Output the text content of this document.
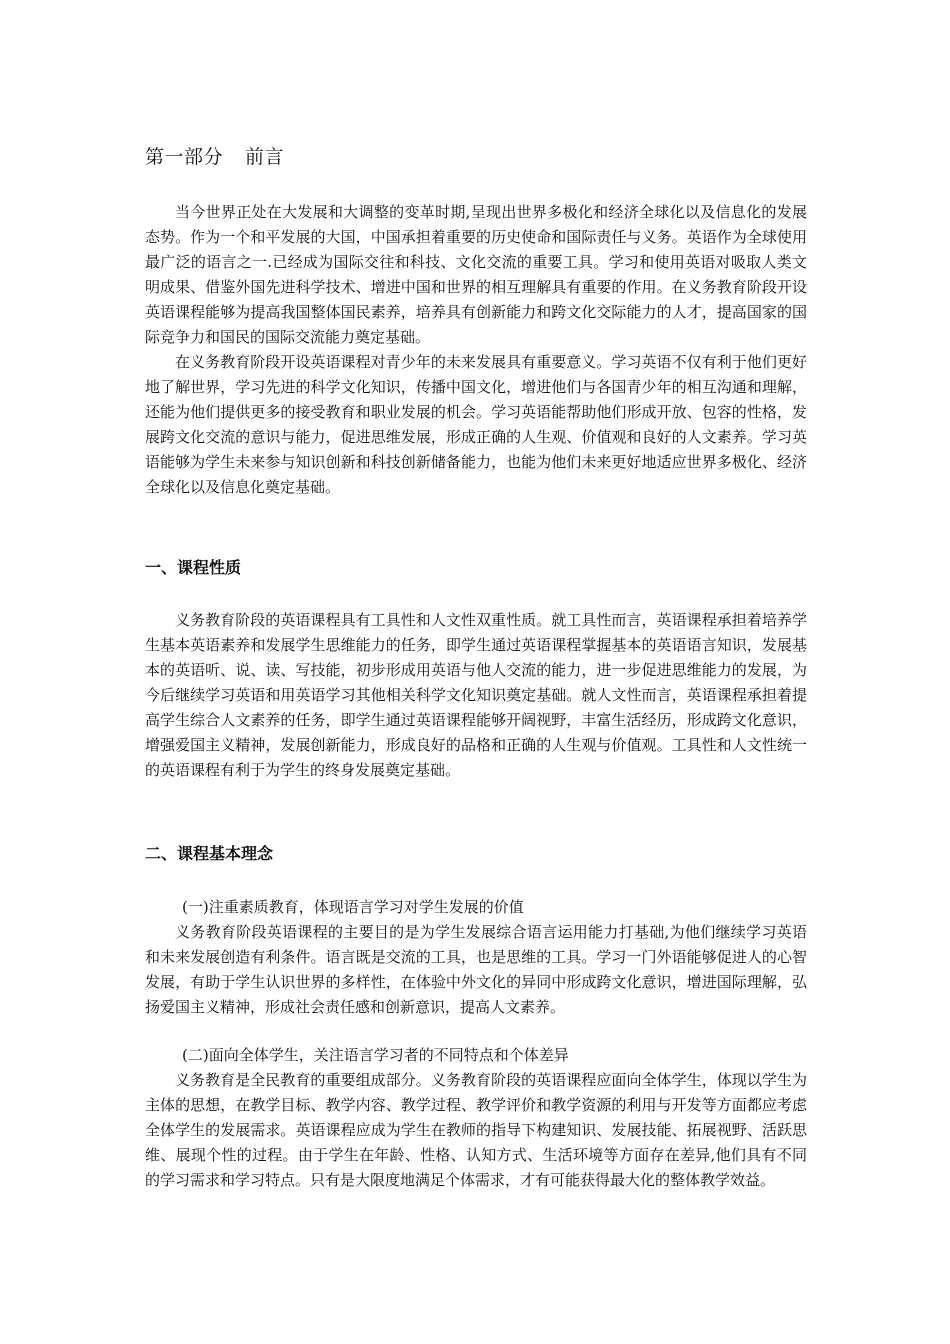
第一部分 前言

当今世界正处在大发展和大调整的变革时期,呈现出世界多极化和经济全球化以及信息化的发展态势。作为一个和平发展的大国，中国承担着重要的历史使命和国际责任与义务。英语作为全球使用最广泛的语言之一.已经成为国际交往和科技、文化交流的重要工具。学习和使用英语对吸取人类文明成果、借鉴外国先进科学技术、增进中国和世界的相互理解具有重要的作用。在义务教育阶段开设英语课程能够为提高我国整体国民素养，培养具有创新能力和跨文化交际能力的人才，提高国家的国际竞争力和国民的国际交流能力奠定基础。

在义务教育阶段开设英语课程对青少年的未来发展具有重要意义。学习英语不仅有利于他们更好地了解世界，学习先进的科学文化知识，传播中国文化，增进他们与各国青少年的相互沟通和理解，还能为他们提供更多的接受教育和职业发展的机会。学习英语能帮助他们形成开放、包容的性格，发展跨文化交流的意识与能力，促进思维发展，形成正确的人生观、价值观和良好的人文素养。学习英语能够为学生未来参与知识创新和科技创新储备能力，也能为他们未来更好地适应世界多极化、经济全球化以及信息化奠定基础。

一、课程性质

义务教育阶段的英语课程具有工具性和人文性双重性质。就工具性而言，英语课程承担着培养学生基本英语素养和发展学生思维能力的任务，即学生通过英语课程掌握基本的英语语言知识，发展基本的英语听、说、读、写技能，初步形成用英语与他人交流的能力，进一步促进思维能力的发展，为今后继续学习英语和用英语学习其他相关科学文化知识奠定基础。就人文性而言，英语课程承担着提高学生综合人文素养的任务，即学生通过英语课程能够开阔视野，丰富生活经历，形成跨文化意识，增强爱国主义精神，发展创新能力，形成良好的品格和正确的人生观与价值观。工具性和人文性统一的英语课程有利于为学生的终身发展奠定基础。

二、课程基本理念

(一)注重素质教育，体现语言学习对学生发展的价值

义务教育阶段英语课程的主要目的是为学生发展综合语言运用能力打基础,为他们继续学习英语和未来发展创造有利条件。语言既是交流的工具，也是思维的工具。学习一门外语能够促进人的心智发展，有助于学生认识世界的多样性，在体验中外文化的异同中形成跨文化意识，增进国际理解，弘扬爱国主义精神，形成社会责任感和创新意识，提高人文素养。

(二)面向全体学生，关注语言学习者的不同特点和个体差异

义务教育是全民教育的重要组成部分。义务教育阶段的英语课程应面向全体学生，体现以学生为主体的思想，在教学目标、教学内容、教学过程、教学评价和教学资源的利用与开发等方面都应考虑全体学生的发展需求。英语课程应成为学生在教师的指导下构建知识、发展技能、拓展视野、活跃思维、展现个性的过程。由于学生在年龄、性格、认知方式、生活环境等方面存在差异,他们具有不同的学习需求和学习特点。只有是大限度地满足个体需求，才有可能获得最大化的整体教学效益。
